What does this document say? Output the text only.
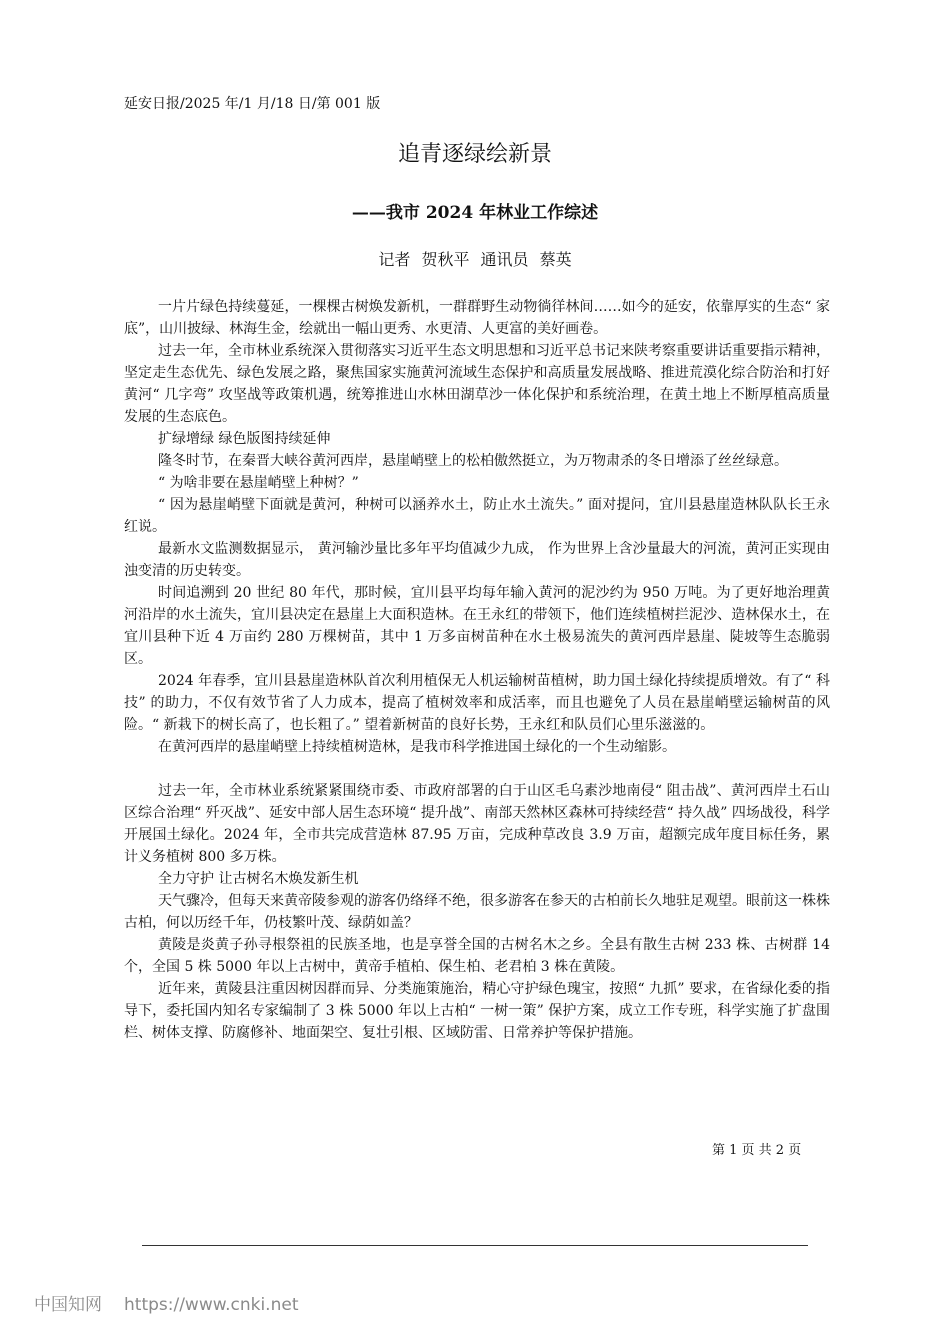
延安日报/2025 年/1 月/18 日/第 001 版
追青逐绿绘新景
——我市 2024 年林业工作综述
记者 贺秋平 通讯员 蔡英

一片片绿色持续蔓延，一棵棵古树焕发新机，一群群野生动物徜徉林间……如今的延安，依靠厚实的生态“ 家底”，山川披绿、林海生金，绘就出一幅山更秀、水更清、人更富的美好画卷。

过去一年，全市林业系统深入贯彻落实习近平生态文明思想和习近平总书记来陕考察重要讲话重要指示精神，坚定走生态优先、绿色发展之路，聚焦国家实施黄河流域生态保护和高质量发展战略、推进荒漠化综合防治和打好黄河“ 几字弯” 攻坚战等政策机遇，统筹推进山水林田湖草沙一体化保护和系统治理，在黄土地上不断厚植高质量发展的生态底色。

扩绿增绿 绿色版图持续延伸

隆冬时节，在秦晋大峡谷黄河西岸，悬崖峭壁上的松柏傲然挺立，为万物肃杀的冬日增添了丝丝绿意。

“ 为啥非要在悬崖峭壁上种树？”

“ 因为悬崖峭壁下面就是黄河，种树可以涵养水土，防止水土流失。” 面对提问，宜川县悬崖造林队队长王永红说。

最新水文监测数据显示， 黄河输沙量比多年平均值减少九成， 作为世界上含沙量最大的河流，黄河正实现由浊变清的历史转变。

时间追溯到 20 世纪 80 年代，那时候，宜川县平均每年输入黄河的泥沙约为 950 万吨。为了更好地治理黄河沿岸的水土流失，宜川县决定在悬崖上大面积造林。在王永红的带领下，他们连续植树拦泥沙、造林保水土，在宜川县种下近 4 万亩约 280 万棵树苗，其中 1 万多亩树苗种在水土极易流失的黄河西岸悬崖、陡坡等生态脆弱区。

2024 年春季，宜川县悬崖造林队首次利用植保无人机运输树苗植树，助力国土绿化持续提质增效。有了“ 科技” 的助力，不仅有效节省了人力成本，提高了植树效率和成活率，而且也避免了人员在悬崖峭壁运输树苗的风险。“ 新栽下的树长高了，也长粗了。” 望着新树苗的良好长势，王永红和队员们心里乐滋滋的。

在黄河西岸的悬崖峭壁上持续植树造林，是我市科学推进国土绿化的一个生动缩影。

过去一年，全市林业系统紧紧围绕市委、市政府部署的白于山区毛乌素沙地南侵“ 阻击战”、黄河西岸土石山区综合治理“ 歼灭战”、延安中部人居生态环境“ 提升战”、南部天然林区森林可持续经营“ 持久战” 四场战役，科学开展国土绿化。2024 年，全市共完成营造林 87.95 万亩，完成种草改良 3.9 万亩，超额完成年度目标任务，累计义务植树 800 多万株。

全力守护 让古树名木焕发新生机

天气骤冷，但每天来黄帝陵参观的游客仍络绎不绝，很多游客在参天的古柏前长久地驻足观望。眼前这一株株古柏，何以历经千年，仍枝繁叶茂、绿荫如盖？

黄陵是炎黄子孙寻根祭祖的民族圣地，也是享誉全国的古树名木之乡。全县有散生古树 233 株、古树群 14 个，全国 5 株 5000 年以上古树中，黄帝手植柏、保生柏、老君柏 3 株在黄陵。

近年来，黄陵县注重因树因群而异、分类施策施治，精心守护绿色瑰宝，按照“ 九抓” 要求，在省绿化委的指导下，委托国内知名专家编制了 3 株 5000 年以上古柏“ 一树一策” 保护方案，成立工作专班，科学实施了扩盘围栏、树体支撑、防腐修补、地面架空、复壮引根、区域防雷、日常养护等保护措施。

第 1 页 共 2 页
中国知网 https://www.cnki.net
